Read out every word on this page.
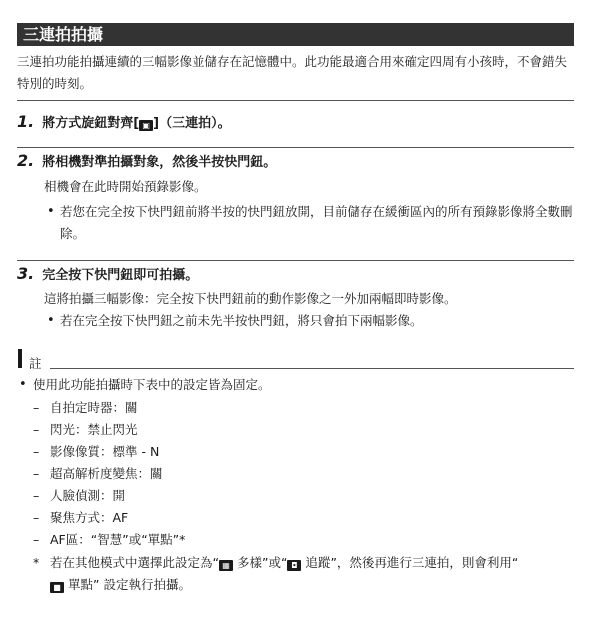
三連拍拍攝
三連拍功能拍攝連續的三幅影像並儲存在記憶體中。此功能最適合用來確定四周有小孩時，不會錯失特別的時刻。
1. 將方式旋鈕對齊[ ▣ ]（三連拍）。
2. 將相機對準拍攝對象，然後半按快門鈕。
相機會在此時開始預錄影像。
• 若您在完全按下快門鈕前將半按的快門鈕放開，目前儲存在緩衝區內的所有預錄影像將全數刪除。
3. 完全按下快門鈕即可拍攝。
這將拍攝三幅影像：完全按下快門鈕前的動作影像之一外加兩幅即時影像。
• 若在完全按下快門鈕之前未先半按快門鈕，將只會拍下兩幅影像。
註
• 使用此功能拍攝時下表中的設定皆為固定。
– 自拍定時器：關
– 閃光：禁止閃光
– 影像像質：標準 - N
– 超高解析度變焦：關
– 人臉偵測：開
– 聚焦方式：AF
– AF區：“智慧”或“單點”*
* 若在其他模式中選擇此設定為“ ▦ 多樣”或“ ◘ 追蹤”，然後再進行三連拍，則會利用“
■ 單點” 設定執行拍攝。
